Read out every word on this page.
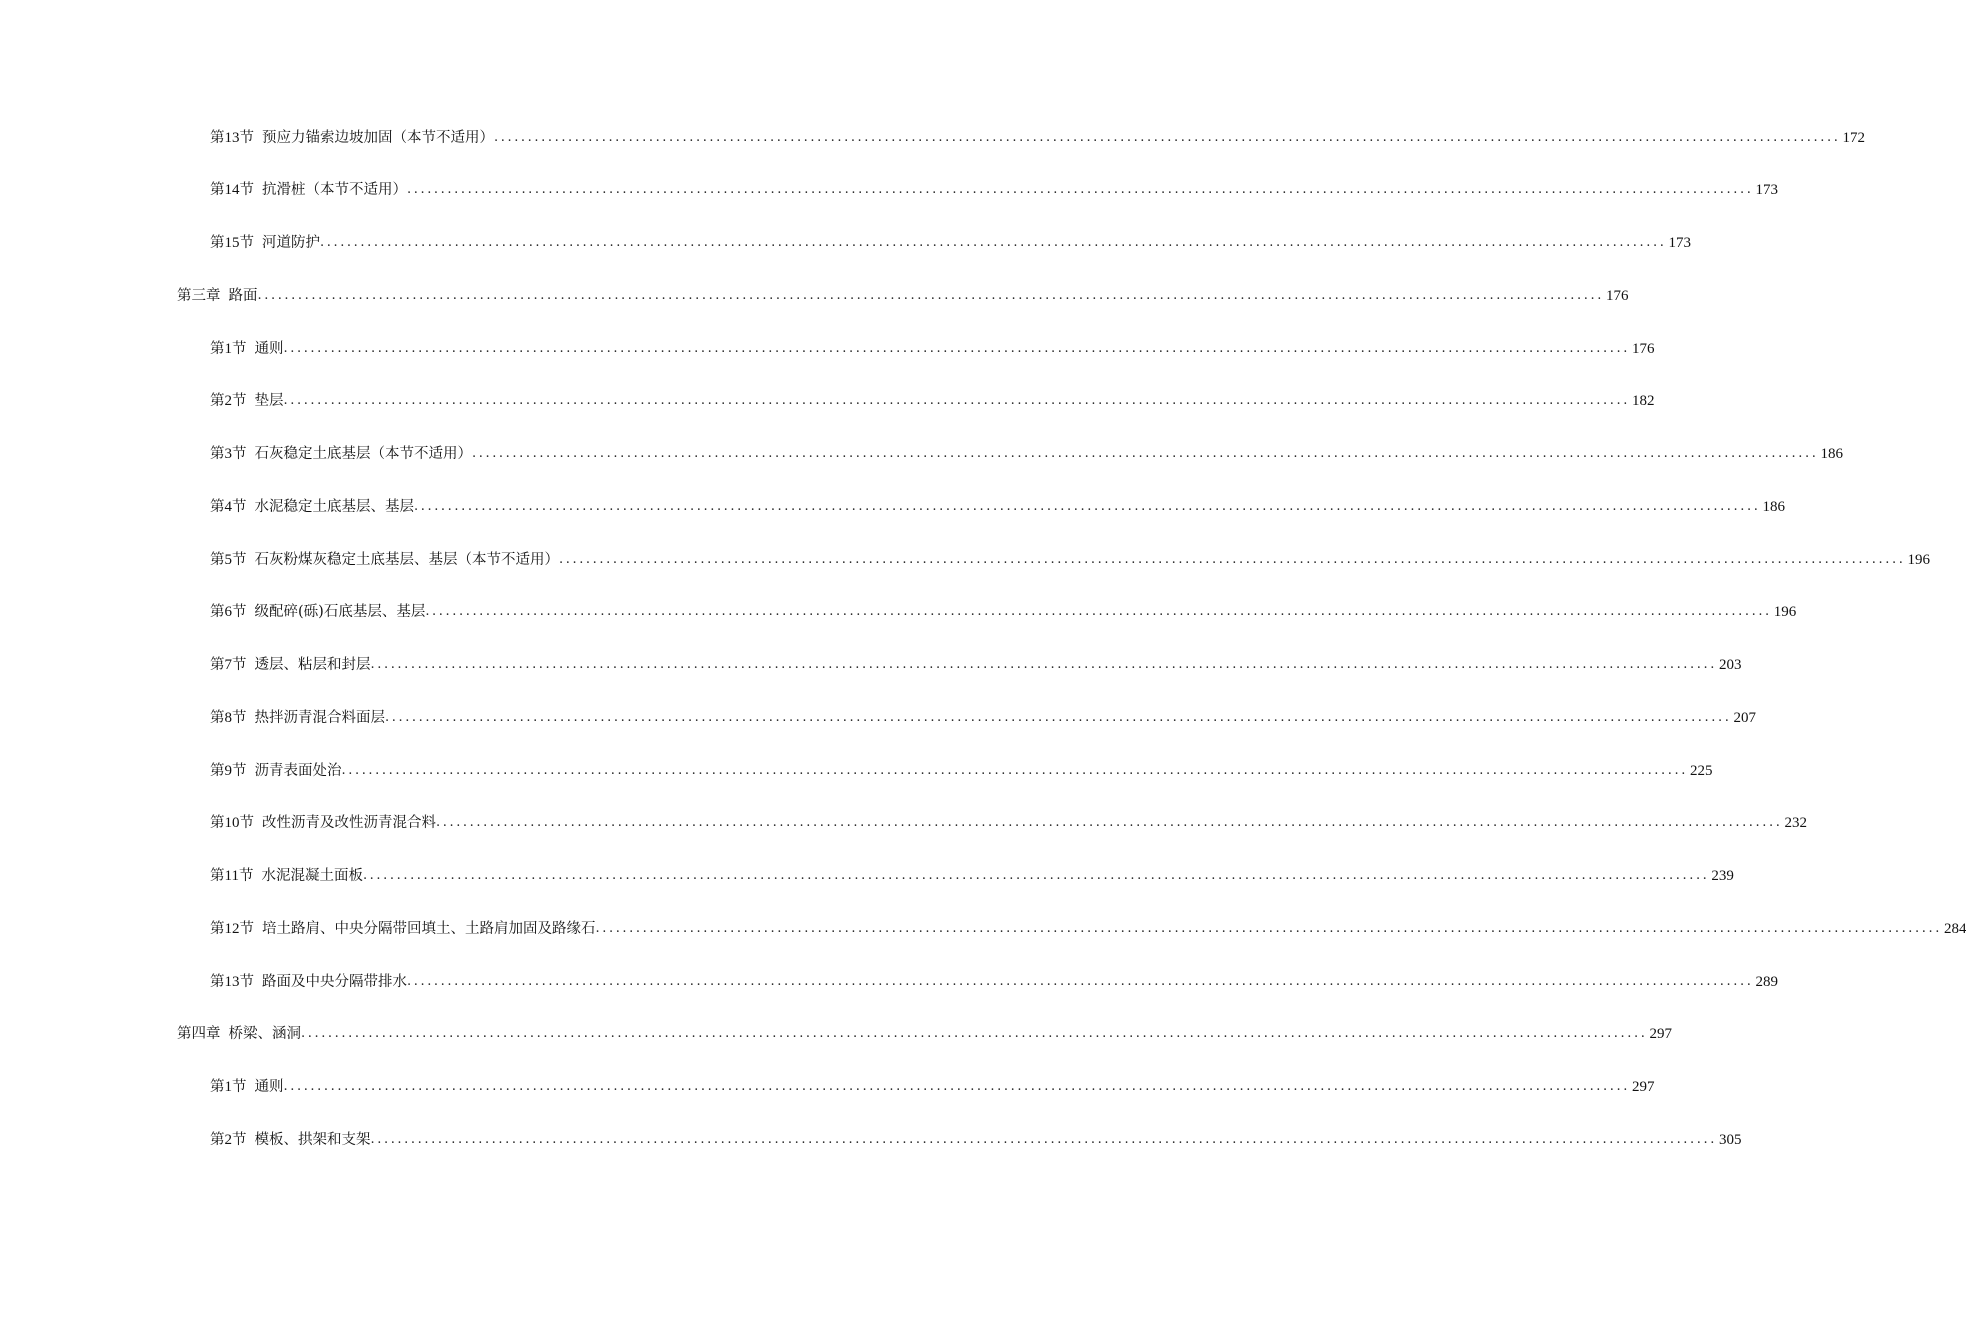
第13节 预应力锚索边坡加固（本节不适用） ........................................................................................................................................................................................................ 172
第14节 抗滑桩（本节不适用） ........................................................................................................................................................................................................ 173
第15节 河道防护 ........................................................................................................................................................................................................ 173
第三章 路面 ........................................................................................................................................................................................................ 176
第1节 通则 ........................................................................................................................................................................................................ 176
第2节 垫层 ........................................................................................................................................................................................................ 182
第3节 石灰稳定土底基层（本节不适用） ........................................................................................................................................................................................................ 186
第4节 水泥稳定土底基层、基层 ........................................................................................................................................................................................................ 186
第5节 石灰粉煤灰稳定土底基层、基层（本节不适用） ........................................................................................................................................................................................................ 196
第6节 级配碎(砾)石底基层、基层 ........................................................................................................................................................................................................ 196
第7节 透层、粘层和封层 ........................................................................................................................................................................................................ 203
第8节 热拌沥青混合料面层 ........................................................................................................................................................................................................ 207
第9节 沥青表面处治 ........................................................................................................................................................................................................ 225
第10节 改性沥青及改性沥青混合料 ........................................................................................................................................................................................................ 232
第11节 水泥混凝土面板 ........................................................................................................................................................................................................ 239
第12节 培土路肩、中央分隔带回填土、土路肩加固及路缘石 ........................................................................................................................................................................................................ 284
第13节 路面及中央分隔带排水 ........................................................................................................................................................................................................ 289
第四章 桥梁、涵洞 ........................................................................................................................................................................................................ 297
第1节 通则 ........................................................................................................................................................................................................ 297
第2节 模板、拱架和支架 ........................................................................................................................................................................................................ 305
